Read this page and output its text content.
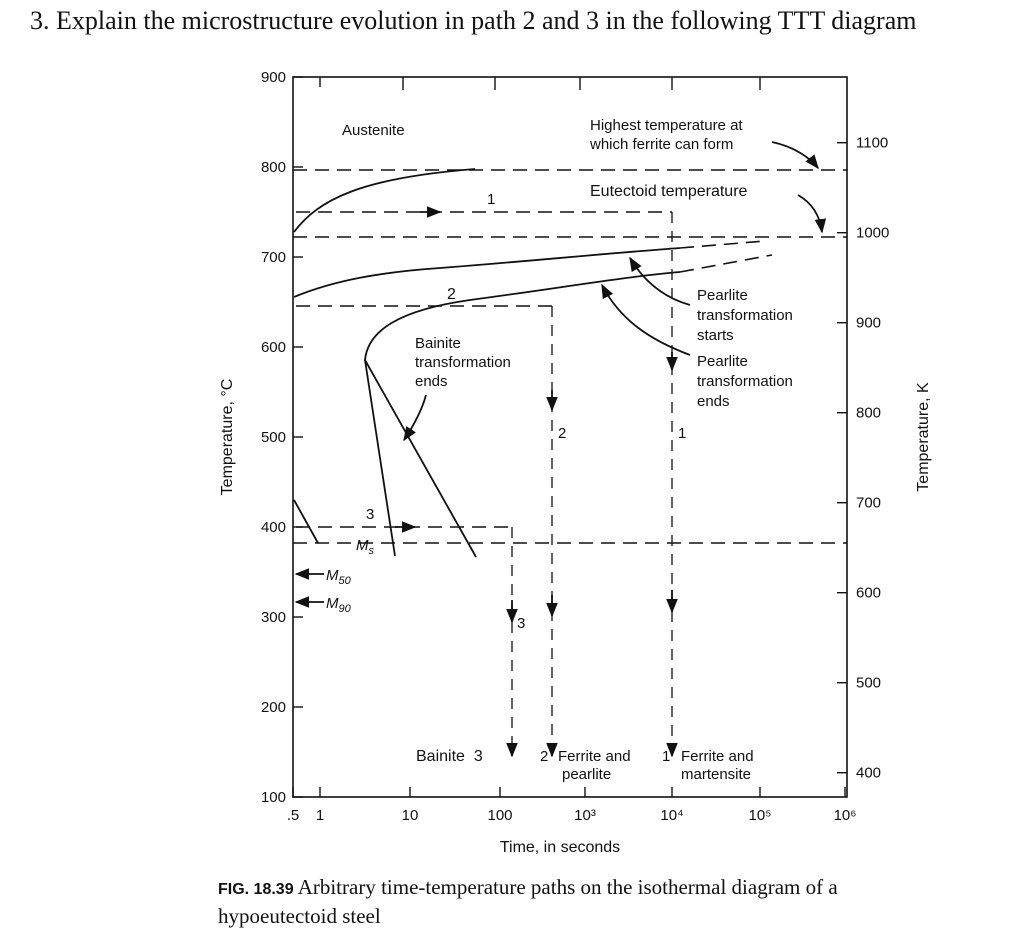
3. Explain the microstructure evolution in path 2 and 3 in the following TTT diagram
.5 1	10	100	10³	10⁴	10⁵	10⁶
900
800
700
600
500
400
300
200
100
1100
1000
900
800
700
600
500
400
Time, in seconds
Temperature, °C	Temperature, K
Austenite	Highest temperature at
which ferrite can form
Eutectoid temperature
Pearlite
transformation
starts
Pearlite
transformation
ends
Bainite
transformation
ends
1
2
3
$M_s$
$M_{50}$
$M_{90}$
2	1
3
Bainite  3	2 Ferrite and
pearlite
1 Ferrite and
martensite
FIG. 18.39 Arbitrary time-temperature paths on the isothermal diagram of a hypoeutectoid steel
